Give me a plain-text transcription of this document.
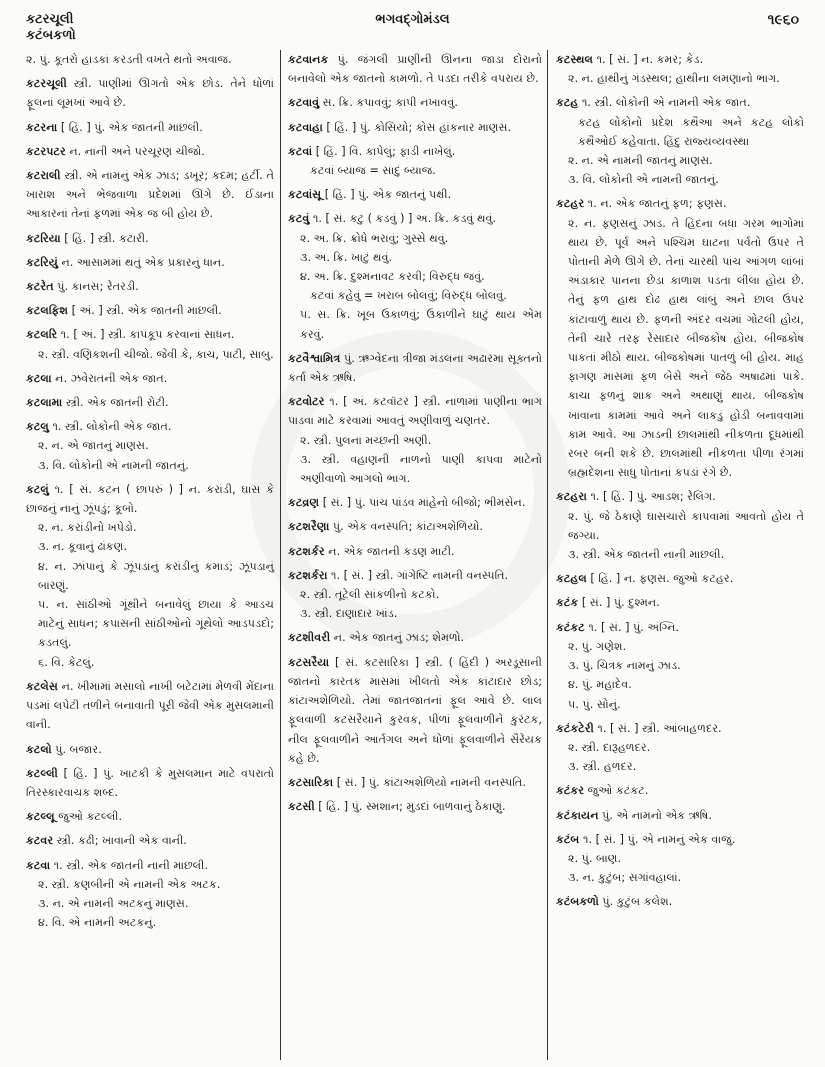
કટરચૂલી
કટંબકળો
ભગવદ્ગોમંડલ	૧૯૬૦
૨. પું. કૂતરો હાડકાં કરડતી વખતે થતો અવાજ.
કટરચૂલી સ્ત્રી. પાણીમાં ઊગતો એક છોડ. તેને ધોળાં ફૂલનાં લૂમખાં આવે છે.
કટરના [ હિં. ] પું. એક જાતની માછલી.
કટરપટર ન. નાની અને પરચૂરણ ચીજો.
કટરાલી સ્ત્રી. એ નામનું એક ઝાડ; ડખૂર; કદમ; હર્ટી. તે ખારાશ અને ભેજવાળા પ્રદેશમાં ઊગે છે. ઈંડાના આકારનાં તેનાં ફળમાં એક જ બી હોય છે.
કટરિયા [ હિં. ] સ્ત્રી. કટારી.
કટરિયું ન. આસામમાં થતું એક પ્રકારનું ધાન.
કટરેત પું. કાનસ; રેતરડી.
કટલફિશ [ અં. ] સ્ત્રી. એક જાતની માછલી.
કટલરિ ૧. [ અં. ] સ્ત્રી. કાપકૂપ કરવાનાં સાધન.
૨. સ્ત્રી. વણિકશની ચીજો. જેવી કે, કાચ, પાટી, સાબુ.
કટલા ન. ઝવેરાતની એક જાત.
કટલામા સ્ત્રી. એક જાતની રોટી.
કટલુ ૧. સ્ત્રી. લોકોની એક જાત.
૨. ન. એ જાતનું માણસ.
૩. વિ. લોકોની એ નામની જાતનું.
કટલું ૧. [ સં. કટન ( છાપરું ) ] ન. કરાંડી, ઘાસ કે છાજનું નાનું ઝૂંપડું; કૂબો.
૨. ન. કરાંડીનો ખપેડો.
૩. ન. કૂવાનું ઢાંકણ.
૪. ન. ઝાંપાનું કે ઝૂંપડાનું કરાંડીનું કમાડ; ઝૂંપડાનું બારણું.
૫. ન. સાંઠીઓ ગૂંથીને બનાવેલું છાયા કે આડચ માટેનું સાધન; કપાસની સાંઠીઓનો ગૂંથેલો આડપડદો; કડતલું.
૬. વિ. કેટલું.
કટલેસ ન. ખીમામાં મસાલો નાખી બટેટામાં મેળવી મેંદાના પડમાં લપેટી તળીને બનાવાતી પૂરી જેવી એક મુસલમાની વાની.
કટલો પું. બજાર.
કટલ્લી [ હિં. ] પું. ખાટકી કે મુસલમાન માટે વપરાતો તિરસ્કારવાચક શબ્દ.
કટલ્લૂ જુઓ કટલ્લી.
કટવર સ્ત્રી. કઢી; ખાવાની એક વાની.
કટવા ૧. સ્ત્રી. એક જાતની નાની માછલી.
૨. સ્ત્રી. કણબીની એ નામની એક અટક.
૩. ન. એ નામની અટકનું માણસ.
૪. વિ. એ નામની અટકનું.
કટવાનક પું. જંગલી પ્રાણીની ઊનના જાડા દોરાનો બનાવેલો એક જાતનો કામળો. તે પડદા તરીકે વપરાય છે.
કટવાવું સ. ક્રિ. કપાવવું; કાપી નખાવવું.
કટવાહા [ હિં. ] પું. કોસિયો; કોસ હાંકનાર માણસ.
કટવાં [ હિં. ] વિ. કાપેલું; ફાડી નાખેલું.
કટવાં બ્યાજ = સાદું બ્યાજ.
કટવાંસૂ [ હિં. ] પું. એક જાતનું પક્ષી.
કટવું ૧. [ સં. કટુ ( કડવું ) ] અ. ક્રિ. કડવું થવું.
૨. અ. ક્રિ. ક્રોધે ભરાવું; ગુસ્સે થવું.
૩. અ. ક્રિ. ખાટું થવું.
૪. અ. ક્રિ. દુશ્મનાવટ કરવી; વિરુદ્ધ જવું.
કટવાં કહેવું = ખરાબ બોલવું; વિરુદ્ધ બોલવું.
૫. સ. ક્રિ. ખૂબ ઉકાળવું; ઉકાળીને ઘાટું થાય એમ કરવું.
કટવૈશ્વામિત્ર પું. ઋગ્વેદના ત્રીજા મંડલના અઢારમા સૂક્તનો કર્તા એક ઋષિ.
કટવોટર ૧. [ અં. કટવૉટર ] સ્ત્રી. નાળામાં પાણીના ભાગ પાડવા માટે કરવામાં આવતું અણીવાળું ચણતર.
૨. સ્ત્રી. પુલના મચ્છની અણી.
૩. સ્ત્રી. વહાણની નાળનો પાણી કાપવા માટેનો અણીવાળો આગલો ભાગ.
કટવ્રણ [ સં. ] પું. પાંચ પાંડવ માંહેનો બીજો; ભીમસેન.
કટશરૈણા પું. એક વનસ્પતિ; કાંટાઅશેળિયો.
કટશર્કર ન. એક જાતની કડણ માટી.
કટશર્કરા ૧. [ સં. ] સ્ત્રી. ગાંગેષ્ટિ નામની વનસ્પતિ.
૨. સ્ત્રી. તૂટેલી સાંકળીનો કટકો.
૩. સ્ત્રી. દાણાદાર ખાંડ.
કટશીવરી ન. એક જાતનું ઝાડ; શેમળો.
કટસરૈયા [ સં. કટસારિકા ] સ્ત્રી. ( હિંદી ) અરડૂસાની જાતનો કારતક માસમાં ખીલતો એક કાંટાદાર છોડ; કાંટાઅશેળિયો. તેમાં જાતજાતનાં ફૂલ આવે છે. લાલ ફૂલવાળી કટસરૈયાને કુરવક, પીળાં ફૂલવાળીને કુરંટક, નીલ ફૂલવાળીને આર્તગલ અને ધોળાં ફૂલવાળીને સૈરેયક કહે છે.
કટસારિકા [ સં. ] પું. કાંટાઅશેળિયો નામની વનસ્પતિ.
કટસી [ હિં. ] પું. સ્મશાન; મુડદાં બાળવાનું ઠેકાણું.
કટસ્થલ ૧. [ સં. ] ન. કમર; કેડ.
૨. ન. હાથીનું ગંડસ્થલ; હાથીના લમણાનો ભાગ.
કટહ ૧. સ્ત્રી. લોકોની એ નામની એક જાત.
કટહ લોકોનો પ્રદેશ કથૈઆ અને કટહ લોકો કથૈઓઈ કહેવાતા. હિંદુ રાજ્યવ્યવસ્થા
૨. ન. એ નામની જાતનું માણસ.
૩. વિ. લોકોની એ નામની જાતનું.
કટહર ૧. ન. એક જાતનું ફળ; ફણસ.
૨. ન. ફણસનું ઝાડ. તે હિંદના બધા ગરમ ભાગોમાં થાય છે. પૂર્વ અને પશ્ચિમ ઘાટના પર્વતો ઉપર તે પોતાની મેળે ઊગે છે. તેનાં ચારથી પાંચ આંગળ લાંબાં અંડાકાર પાનના છેડા કાળાશ પડતા લીલા હોય છે. તેનું ફળ હાથ દોઢ હાથ લાંબું અને છાલ ઉપર કાંટાવાળું થાય છે. ફળની અંદર વચમાં ગોટલી હોય, તેની ચારે તરફ રેસાદાર બીજકોષ હોય. બીજકોષ પાકતાં મીઠો થાય. બીજકોષમાં પાતળું બી હોય. માહ ફાગણ માસમાં ફળ બેસે અને જેઠ અષાઢમાં પાકે. કાચા ફળનું શાક અને અથાણું થાય. બીજકોષ ખાવાના કામમાં આવે અને લાકડું હોડી બનાવવામાં કામ આવે. આ ઝાડની છાલમાંથી નીકળતા દૂધમાંથી રબર બની શકે છે. છાલમાંથી નીકળતા પીળા રંગમાં બ્રહ્મદેશના સાધુ પોતાનાં કપડાં રંગે છે.
કટહરા ૧. [ હિં. ] પું. આડશ; રેલિંગ.
૨. પું. જે ઠેકાણે ઘાસચારો કાપવામાં આવતો હોય તે જગ્યા.
૩. સ્ત્રી. એક જાતની નાની માછલી.
કટહલ [ હિં. ] ન. ફણસ. જુઓ કટહર.
કટંક [ સં. ] પું. દુશ્મન.
કટંકટ ૧. [ સં. ] પું. અગ્નિ.
૨. પું. ગણેશ.
૩. પું. ચિત્રક નામનું ઝાડ.
૪. પું. મહાદેવ.
૫. પું. સોનું.
કટંકટેરી ૧. [ સં. ] સ્ત્રી. આંબાહળદર.
૨. સ્ત્રી. દારૂહળદર.
૩. સ્ત્રી. હળદર.
કટંકર જુઓ કટંકટ.
કટંકાયન પું. એ નામનો એક ઋષિ.
કટંબ ૧. [ સં. ] પું. એ નામનું એક વાજું.
૨. પું. બાણ.
૩. ન. કુટુંબ; સગાંવહાલાં.
કટંબકળો પું. કુટુંબ કલેશ.
